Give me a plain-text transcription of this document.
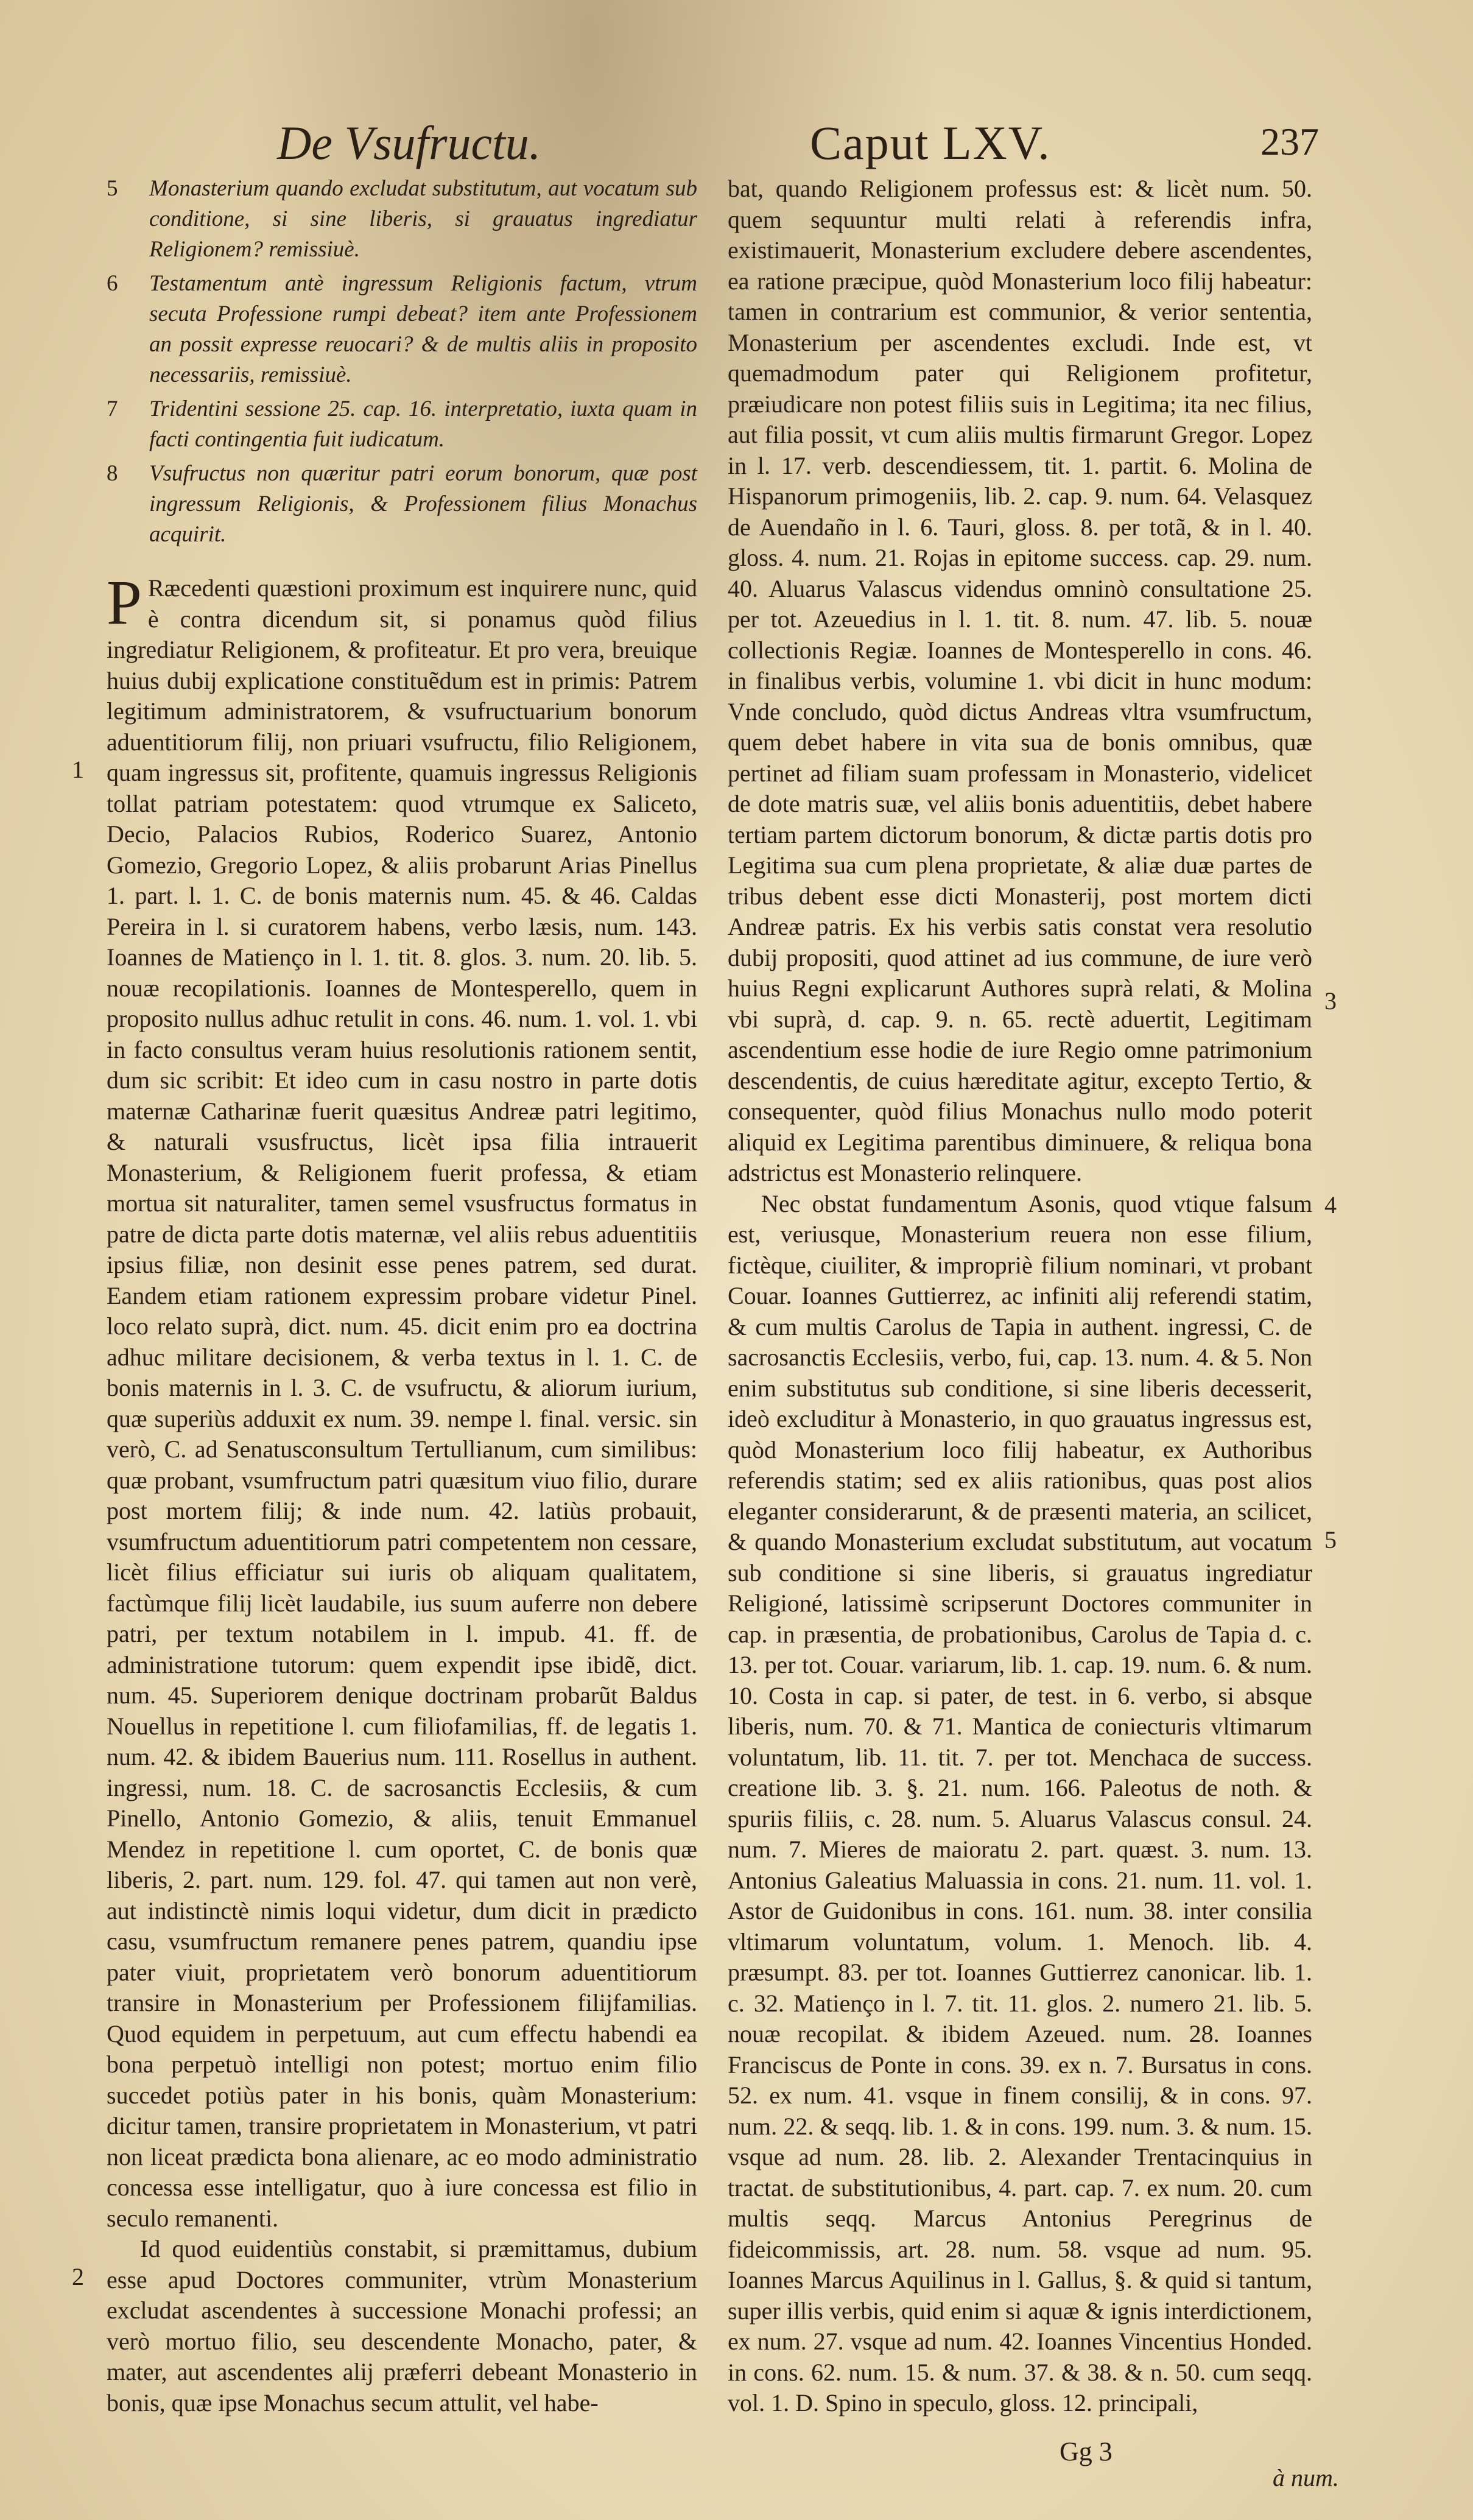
De Vsufructu.	Caput LXV.	237
5	Monasterium quando excludat substitutum, aut vocatum sub conditione, si sine liberis, si grauatus ingrediatur Religionem? remissiuè.
6	Testamentum antè ingressum Religionis factum, vtrum secuta Professione rumpi debeat? item ante Professionem an possit expresse reuocari? & de multis aliis in proposito necessariis, remissiuè.
7	Tridentini sessione 25. cap. 16. interpretatio, iuxta quam in facti contingentia fuit iudicatum.
8	Vsufructus non quæritur patri eorum bonorum, quæ post ingressum Religionis, & Professionem filius Monachus acquirit.

P Ræcedenti quæstioni proximum est inquirere nunc, quid è contra dicendum sit, si ponamus quòd filius ingrediatur Religionem, & profiteatur. Et pro vera, breuique huius dubij explicatione constituẽdum est in primis: Patrem legitimum administratorem, & vsufructuarium bonorum aduentitiorum filij, non priuari vsufructu, filio Religionem, quam ingressus sit, profitente, quamuis ingressus Religionis tollat patriam potestatem: quod vtrumque ex Saliceto, Decio, Palacios Rubios, Roderico Suarez, Antonio Gomezio, Gregorio Lopez, & aliis probarunt Arias Pinellus 1. part. l. 1. C. de bonis maternis num. 45. & 46. Caldas Pereira in l. si curatorem habens, verbo læsis, num. 143. Ioannes de Matienço in l. 1. tit. 8. glos. 3. num. 20. lib. 5. nouæ recopilationis. Ioannes de Montesperello, quem in proposito nullus adhuc retulit in cons. 46. num. 1. vol. 1. vbi in facto consultus veram huius resolutionis rationem sentit, dum sic scribit: Et ideo cum in casu nostro in parte dotis maternæ Catharinæ fuerit quæsitus Andreæ patri legitimo, & naturali vsusfructus, licèt ipsa filia intrauerit Monasterium, & Religionem fuerit professa, & etiam mortua sit naturaliter, tamen semel vsusfructus formatus in patre de dicta parte dotis maternæ, vel aliis rebus aduentitiis ipsius filiæ, non desinit esse penes patrem, sed durat. Eandem etiam rationem expressim probare videtur Pinel. loco relato suprà, dict. num. 45. dicit enim pro ea doctrina adhuc militare decisionem, & verba textus in l. 1. C. de bonis maternis in l. 3. C. de vsufructu, & aliorum iurium, quæ superiùs adduxit ex num. 39. nempe l. final. versic. sin verò, C. ad Senatusconsultum Tertullianum, cum similibus: quæ probant, vsumfructum patri quæsitum viuo filio, durare post mortem filij; & inde num. 42. latiùs probauit, vsumfructum aduentitiorum patri competentem non cessare, licèt filius efficiatur sui iuris ob aliquam qualitatem, factùmque filij licèt laudabile, ius suum auferre non debere patri, per textum notabilem in l. impub. 41. ff. de administratione tutorum: quem expendit ipse ibidẽ, dict. num. 45. Superiorem denique doctrinam probarũt Baldus Nouellus in repetitione l. cum filiofamilias, ff. de legatis 1. num. 42. & ibidem Bauerius num. 111. Rosellus in authent. ingressi, num. 18. C. de sacrosanctis Ecclesiis, & cum Pinello, Antonio Gomezio, & aliis, tenuit Emmanuel Mendez in repetitione l. cum oportet, C. de bonis quæ liberis, 2. part. num. 129. fol. 47. qui tamen aut non verè, aut indistinctè nimis loqui videtur, dum dicit in prædicto casu, vsumfructum remanere penes patrem, quandiu ipse pater viuit, proprietatem verò bonorum aduentitiorum transire in Monasterium per Professionem filijfamilias. Quod equidem in perpetuum, aut cum effectu habendi ea bona perpetuò intelligi non potest; mortuo enim filio succedet potiùs pater in his bonis, quàm Monasterium: dicitur tamen, transire proprietatem in Monasterium, vt patri non liceat prædicta bona alienare, ac eo modo administratio concessa esse intelligatur, quo à iure concessa est filio in seculo remanenti.

Id quod euidentiùs constabit, si præmittamus, dubium esse apud Doctores communiter, vtrùm Monasterium excludat ascendentes à successione Monachi professi; an verò mortuo filio, seu descendente Monacho, pater, & mater, aut ascendentes alij præferri debeant Monasterio in bonis, quæ ipse Monachus secum attulit, vel habe-

1
2

bat, quando Religionem professus est: & licèt num. 50. quem sequuntur multi relati à referendis infra, existimauerit, Monasterium excludere debere ascendentes, ea ratione præcipue, quòd Monasterium loco filij habeatur: tamen in contrarium est communior, & verior sententia, Monasterium per ascendentes excludi. Inde est, vt quemadmodum pater qui Religionem profitetur, præiudicare non potest filiis suis in Legitima; ita nec filius, aut filia possit, vt cum aliis multis firmarunt Gregor. Lopez in l. 17. verb. descendiessem, tit. 1. partit. 6. Molina de Hispanorum primogeniis, lib. 2. cap. 9. num. 64. Velasquez de Auendaño in l. 6. Tauri, gloss. 8. per totã, & in l. 40. gloss. 4. num. 21. Rojas in epitome success. cap. 29. num. 40. Aluarus Valascus videndus omninò consultatione 25. per tot. Azeuedius in l. 1. tit. 8. num. 47. lib. 5. nouæ collectionis Regiæ. Ioannes de Montesperello in cons. 46. in finalibus verbis, volumine 1. vbi dicit in hunc modum: Vnde concludo, quòd dictus Andreas vltra vsumfructum, quem debet habere in vita sua de bonis omnibus, quæ pertinet ad filiam suam professam in Monasterio, videlicet de dote matris suæ, vel aliis bonis aduentitiis, debet habere tertiam partem dictorum bonorum, & dictæ partis dotis pro Legitima sua cum plena proprietate, & aliæ duæ partes de tribus debent esse dicti Monasterij, post mortem dicti Andreæ patris. Ex his verbis satis constat vera resolutio dubij propositi, quod attinet ad ius commune, de iure verò huius Regni explicarunt Authores suprà relati, & Molina vbi suprà, d. cap. 9. n. 65. rectè aduertit, Legitimam ascendentium esse hodie de iure Regio omne patrimonium descendentis, de cuius hæreditate agitur, excepto Tertio, & consequenter, quòd filius Monachus nullo modo poterit aliquid ex Legitima parentibus diminuere, & reliqua bona adstrictus est Monasterio relinquere.

Nec obstat fundamentum Asonis, quod vtique falsum est, veriusque, Monasterium reuera non esse filium, fictèque, ciuiliter, & impropriè filium nominari, vt probant Couar. Ioannes Guttierrez, ac infiniti alij referendi statim, & cum multis Carolus de Tapia in authent. ingressi, C. de sacrosanctis Ecclesiis, verbo, fui, cap. 13. num. 4. & 5. Non enim substitutus sub conditione, si sine liberis decesserit, ideò excluditur à Monasterio, in quo grauatus ingressus est, quòd Monasterium loco filij habeatur, ex Authoribus referendis statim; sed ex aliis rationibus, quas post alios eleganter considerarunt, & de præsenti materia, an scilicet, & quando Monasterium excludat substitutum, aut vocatum sub conditione si sine liberis, si grauatus ingrediatur Religioné, latissimè scripserunt Doctores communiter in cap. in præsentia, de probationibus, Carolus de Tapia d. c. 13. per tot. Couar. variarum, lib. 1. cap. 19. num. 6. & num. 10. Costa in cap. si pater, de test. in 6. verbo, si absque liberis, num. 70. & 71. Mantica de coniecturis vltimarum voluntatum, lib. 11. tit. 7. per tot. Menchaca de success. creatione lib. 3. §. 21. num. 166. Paleotus de noth. & spuriis filiis, c. 28. num. 5. Aluarus Valascus consul. 24. num. 7. Mieres de maioratu 2. part. quæst. 3. num. 13. Antonius Galeatius Maluassia in cons. 21. num. 11. vol. 1. Astor de Guidonibus in cons. 161. num. 38. inter consilia vltimarum voluntatum, volum. 1. Menoch. lib. 4. præsumpt. 83. per tot. Ioannes Guttierrez canonicar. lib. 1. c. 32. Matienço in l. 7. tit. 11. glos. 2. numero 21. lib. 5. nouæ recopilat. & ibidem Azeued. num. 28. Ioannes Franciscus de Ponte in cons. 39. ex n. 7. Bursatus in cons. 52. ex num. 41. vsque in finem consilij, & in cons. 97. num. 22. & seqq. lib. 1. & in cons. 199. num. 3. & num. 15. vsque ad num. 28. lib. 2. Alexander Trentacinquius in tractat. de substitutionibus, 4. part. cap. 7. ex num. 20. cum multis seqq. Marcus Antonius Peregrinus de fideicommissis, art. 28. num. 58. vsque ad num. 95. Ioannes Marcus Aquilinus in l. Gallus, §. & quid si tantum, super illis verbis, quid enim si aquæ & ignis interdictionem, ex num. 27. vsque ad num. 42. Ioannes Vincentius Honded. in cons. 62. num. 15. & num. 37. & 38. & n. 50. cum seqq. vol. 1. D. Spino in speculo, gloss. 12. principali,

3
4
5
Gg 3
à num.
